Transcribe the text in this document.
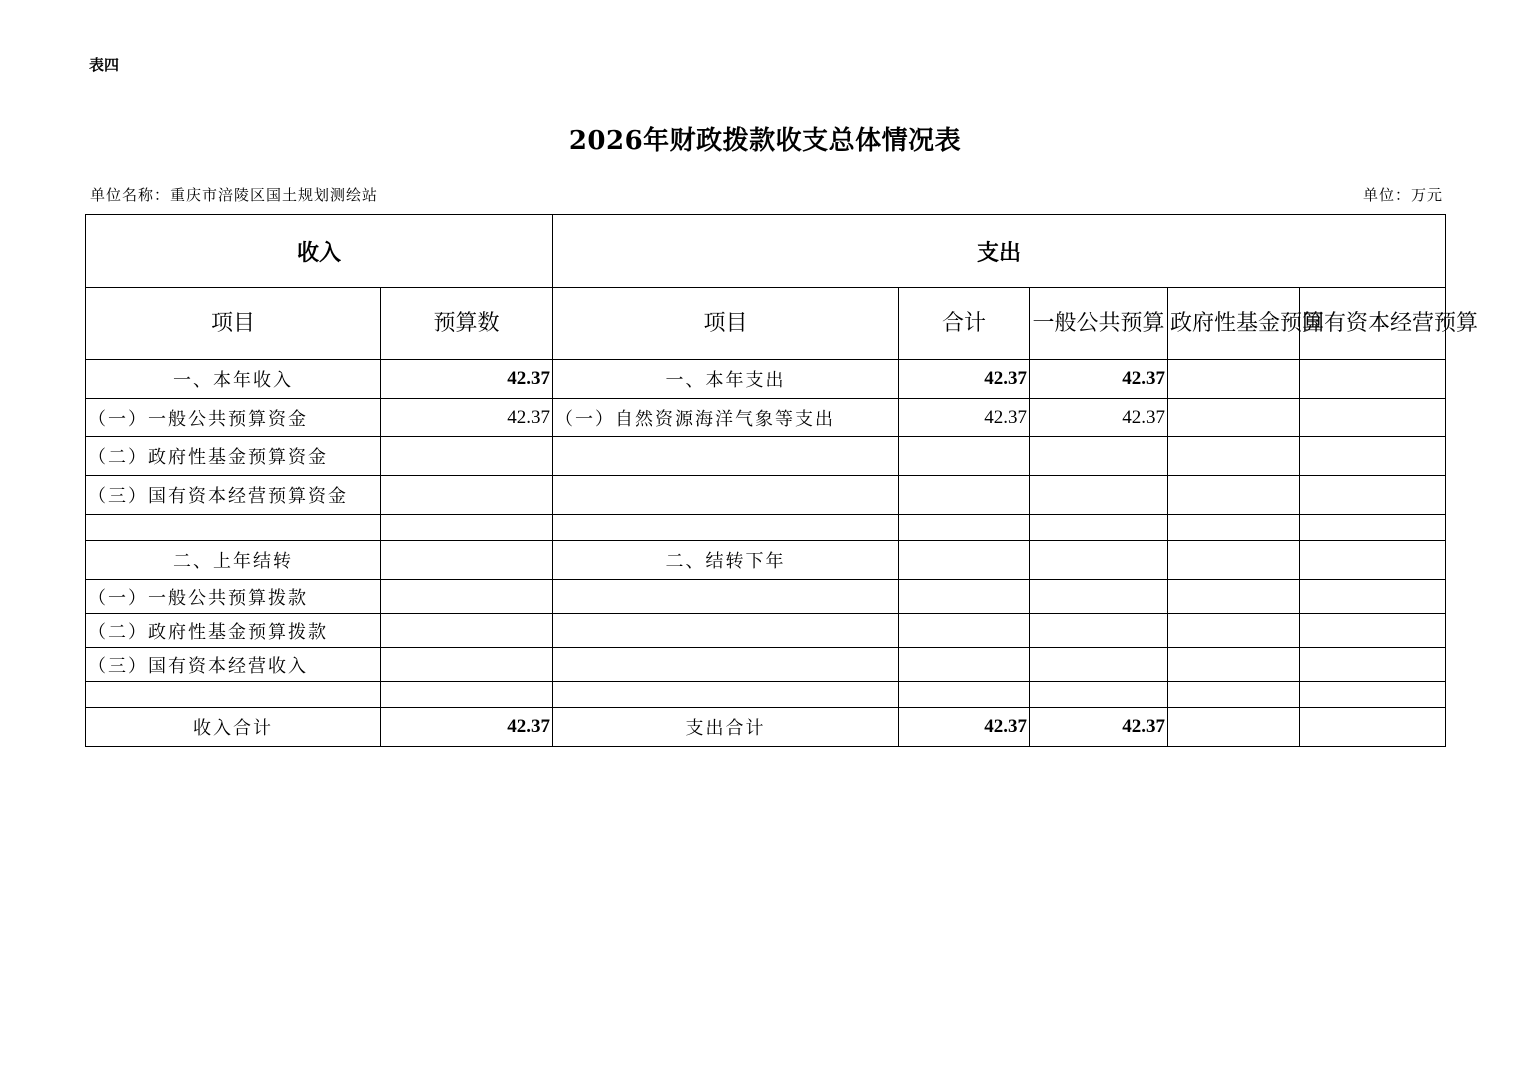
表四
2026年财政拨款收支总体情况表
单位名称：重庆市涪陵区国土规划测绘站	单位：万元
收入		支出				
项目	预算数	项目	合计	一般公共预算	政府性基金预算	国有资本经营预算
一、本年收入	42.37	一、本年支出	42.37	42.37		
（一）一般公共预算资金	42.37	（一）自然资源海洋气象等支出	42.37	42.37		
（二）政府性基金预算资金						
（三）国有资本经营预算资金						

二、上年结转		二、结转下年				
（一）一般公共预算拨款						
（二）政府性基金预算拨款						
（三）国有资本经营收入						

收入合计	42.37	支出合计	42.37	42.37		
